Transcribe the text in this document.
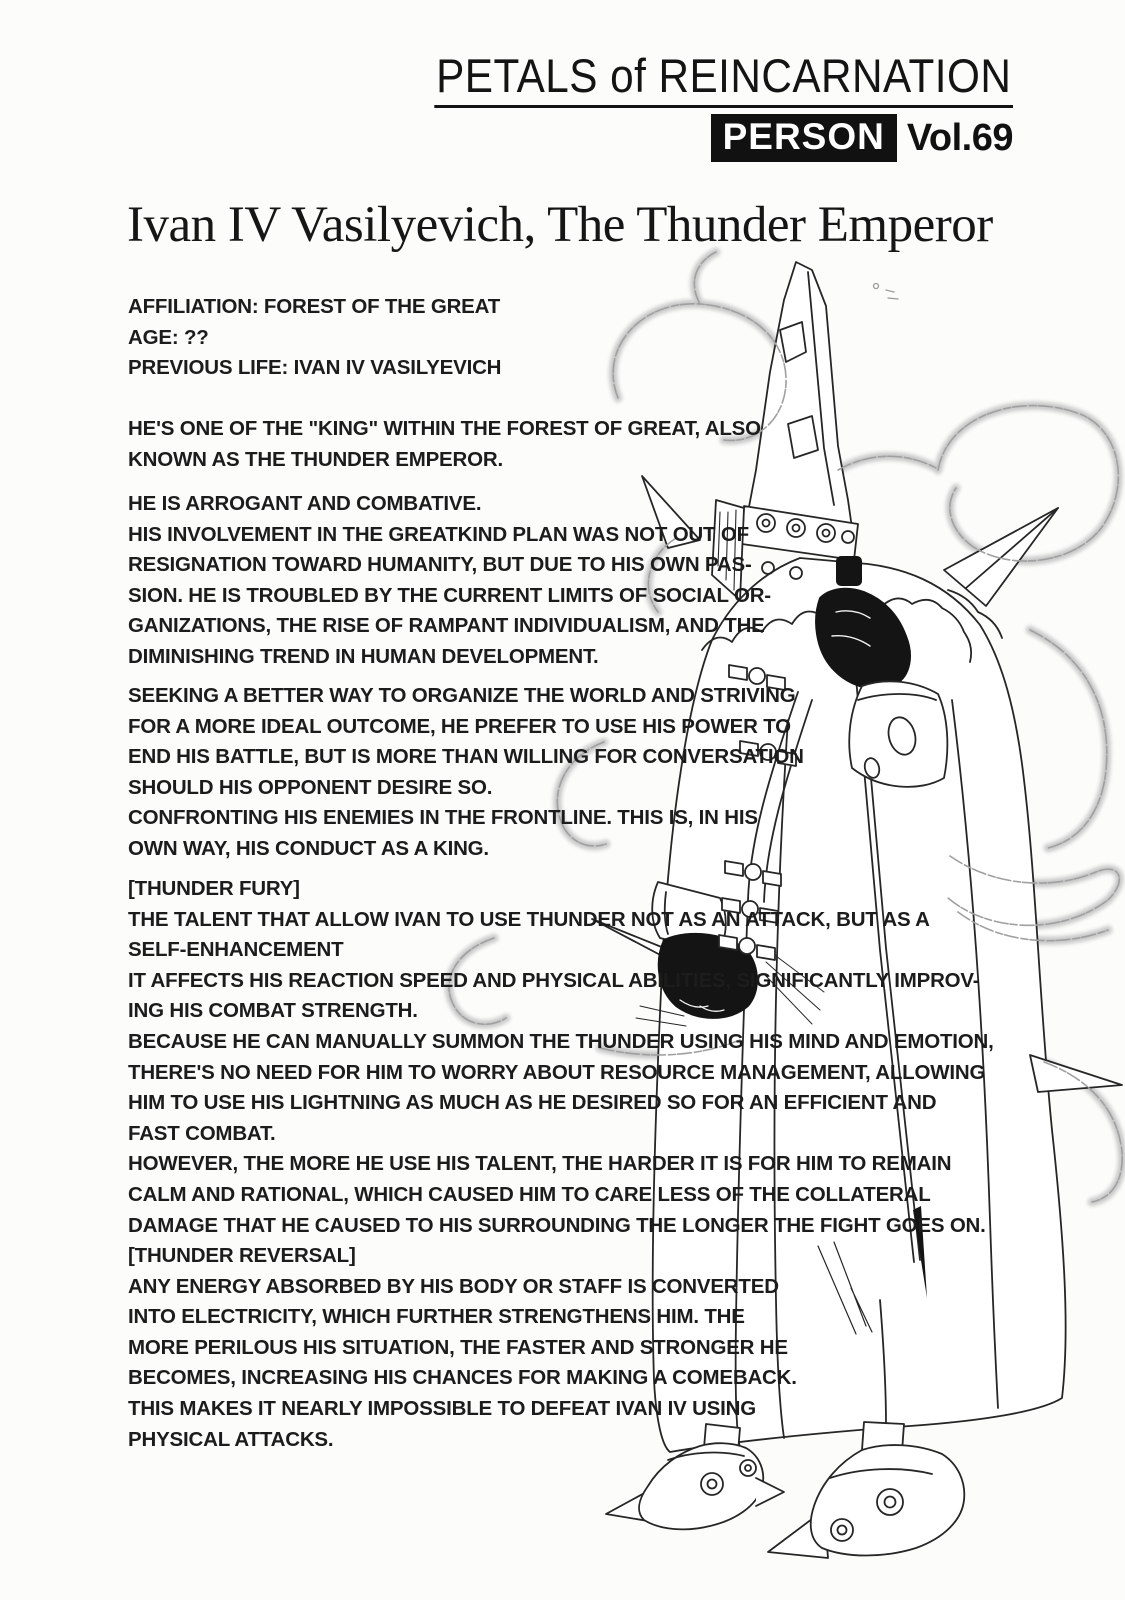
PETALS of REINCARNATION
PERSON Vol.69
Ivan IV Vasilyevich, The Thunder Emperor
AFFILIATION: FOREST OF THE GREAT
AGE: ??
PREVIOUS LIFE: IVAN IV VASILYEVICH
HE'S ONE OF THE "KING" WITHIN THE FOREST OF GREAT, ALSO
KNOWN AS THE THUNDER EMPEROR.
HE IS ARROGANT AND COMBATIVE.
HIS INVOLVEMENT IN THE GREATKIND PLAN WAS NOT OUT OF
RESIGNATION TOWARD HUMANITY, BUT DUE TO HIS OWN PAS-
SION. HE IS TROUBLED BY THE CURRENT LIMITS OF SOCIAL OR-
GANIZATIONS, THE RISE OF RAMPANT INDIVIDUALISM, AND THE
DIMINISHING TREND IN HUMAN DEVELOPMENT.
SEEKING A BETTER WAY TO ORGANIZE THE WORLD AND STRIVING
FOR A MORE IDEAL OUTCOME, HE PREFER TO USE HIS POWER TO
END HIS BATTLE, BUT IS MORE THAN WILLING FOR CONVERSATION
SHOULD HIS OPPONENT DESIRE SO.
CONFRONTING HIS ENEMIES IN THE FRONTLINE. THIS IS, IN HIS
OWN WAY, HIS CONDUCT AS A KING.
[THUNDER FURY]
THE TALENT THAT ALLOW IVAN TO USE THUNDER NOT AS AN ATTACK, BUT AS A
SELF-ENHANCEMENT
IT AFFECTS HIS REACTION SPEED AND PHYSICAL ABILITIES, SIGNIFICANTLY IMPROV-
ING HIS COMBAT STRENGTH.
BECAUSE HE CAN MANUALLY SUMMON THE THUNDER USING HIS MIND AND EMOTION,
THERE'S NO NEED FOR HIM TO WORRY ABOUT RESOURCE MANAGEMENT, ALLOWING
HIM TO USE HIS LIGHTNING AS MUCH AS HE DESIRED SO FOR AN EFFICIENT AND
FAST COMBAT.
HOWEVER, THE MORE HE USE HIS TALENT, THE HARDER IT IS FOR HIM TO REMAIN
CALM AND RATIONAL, WHICH CAUSED HIM TO CARE LESS OF THE COLLATERAL
DAMAGE THAT HE CAUSED TO HIS SURROUNDING THE LONGER THE FIGHT GOES ON.
[THUNDER REVERSAL]
ANY ENERGY ABSORBED BY HIS BODY OR STAFF IS CONVERTED
INTO ELECTRICITY, WHICH FURTHER STRENGTHENS HIM. THE
MORE PERILOUS HIS SITUATION, THE FASTER AND STRONGER HE
BECOMES, INCREASING HIS CHANCES FOR MAKING A COMEBACK.
THIS MAKES IT NEARLY IMPOSSIBLE TO DEFEAT IVAN IV USING
PHYSICAL ATTACKS.
